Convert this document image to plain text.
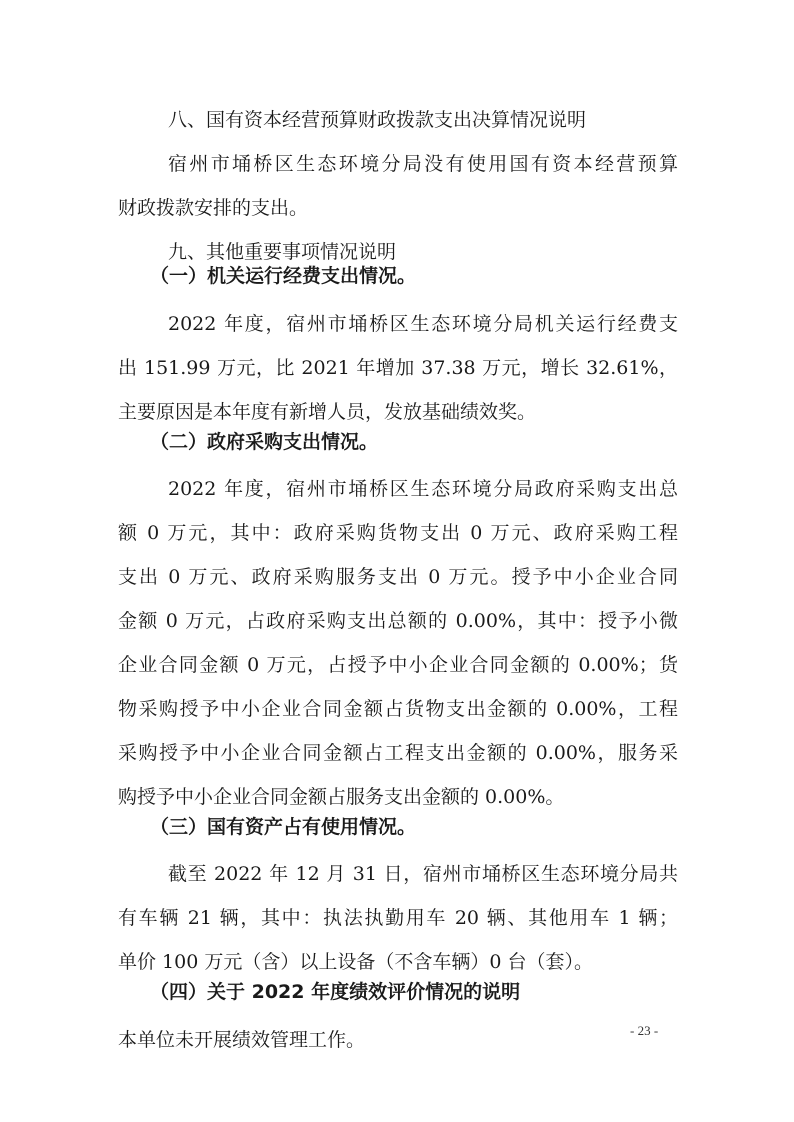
八、国有资本经营预算财政拨款支出决算情况说明
宿州市埇桥区生态环境分局没有使用国有资本经营预算
财政拨款安排的支出。
九、其他重要事项情况说明
（一）机关运行经费支出情况。
2022 年度，宿州市埇桥区生态环境分局机关运行经费支
出 151.99 万元，比 2021 年增加 37.38 万元，增长 32.61%，
主要原因是本年度有新增人员，发放基础绩效奖。
（二）政府采购支出情况。
2022 年度，宿州市埇桥区生态环境分局政府采购支出总
额 0 万元，其中：政府采购货物支出 0 万元、政府采购工程
支出 0 万元、政府采购服务支出 0 万元。授予中小企业合同
金额 0 万元，占政府采购支出总额的 0.00%，其中：授予小微
企业合同金额 0 万元，占授予中小企业合同金额的 0.00%；货
物采购授予中小企业合同金额占货物支出金额的 0.00%，工程
采购授予中小企业合同金额占工程支出金额的 0.00%，服务采
购授予中小企业合同金额占服务支出金额的 0.00%。
（三）国有资产占有使用情况。
截至 2022 年 12 月 31 日，宿州市埇桥区生态环境分局共
有车辆 21 辆，其中：执法执勤用车 20 辆、其他用车 1 辆；
单价 100 万元（含）以上设备（不含车辆）0 台（套）。
（四）关于 2022 年度绩效评价情况的说明
本单位未开展绩效管理工作。	- 23 -
